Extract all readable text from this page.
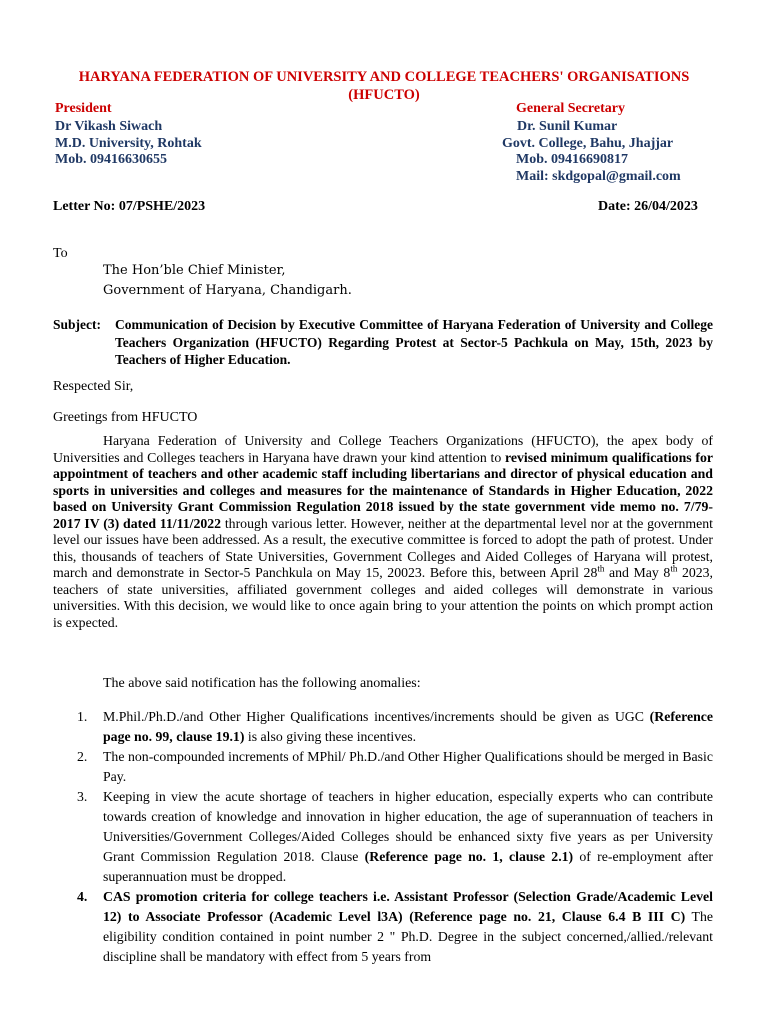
HARYANA FEDERATION OF UNIVERSITY AND COLLEGE TEACHERS' ORGANISATIONS
(HFUCTO)
President
Dr Vikash Siwach
M.D. University, Rohtak
Mob. 09416630655
General Secretary
Dr. Sunil Kumar
Govt. College, Bahu, Jhajjar
Mob. 09416690817
Mail: skdgopal@gmail.com
Letter No: 07/PSHE/2023	Date: 26/04/2023
To
The Hon’ble Chief Minister,
Government of Haryana, Chandigarh.
Subject: Communication of Decision by Executive Committee of Haryana Federation of University and College Teachers Organization (HFUCTO) Regarding Protest at Sector-5 Pachkula on May, 15th, 2023 by Teachers of Higher Education.
Respected Sir,
Greetings from HFUCTO
Haryana Federation of University and College Teachers Organizations (HFUCTO), the apex body of Universities and Colleges teachers in Haryana have drawn your kind attention to revised minimum qualifications for appointment of teachers and other academic staff including libertarians and director of physical education and sports in universities and colleges and measures for the maintenance of Standards in Higher Education, 2022 based on University Grant Commission Regulation 2018 issued by the state government vide memo no. 7/79-2017 IV (3) dated 11/11/2022 through various letter. However, neither at the departmental level nor at the government level our issues have been addressed. As a result, the executive committee is forced to adopt the path of protest. Under this, thousands of teachers of State Universities, Government Colleges and Aided Colleges of Haryana will protest, march and demonstrate in Sector-5 Panchkula on May 15, 20023. Before this, between April 28th and May 8th 2023, teachers of state universities, affiliated government colleges and aided colleges will demonstrate in various universities. With this decision, we would like to once again bring to your attention the points on which prompt action is expected.
The above said notification has the following anomalies:
1. M.Phil./Ph.D./and Other Higher Qualifications incentives/increments should be given as UGC (Reference page no. 99, clause 19.1) is also giving these incentives.
2. The non-compounded increments of MPhil/ Ph.D./and Other Higher Qualifications should be merged in Basic Pay.
3. Keeping in view the acute shortage of teachers in higher education, especially experts who can contribute towards creation of knowledge and innovation in higher education, the age of superannuation of teachers in Universities/Government Colleges/Aided Colleges should be enhanced sixty five years as per University Grant Commission Regulation 2018. Clause (Reference page no. 1, clause 2.1) of re-employment after superannuation must be dropped.
4. CAS promotion criteria for college teachers i.e. Assistant Professor (Selection Grade/Academic Level 12) to Associate Professor (Academic Level l3A) (Reference page no. 21, Clause 6.4 B III C) The eligibility condition contained in point number 2 " Ph.D. Degree in the subject concerned,/allied./relevant discipline shall be mandatory with effect from 5 years from
